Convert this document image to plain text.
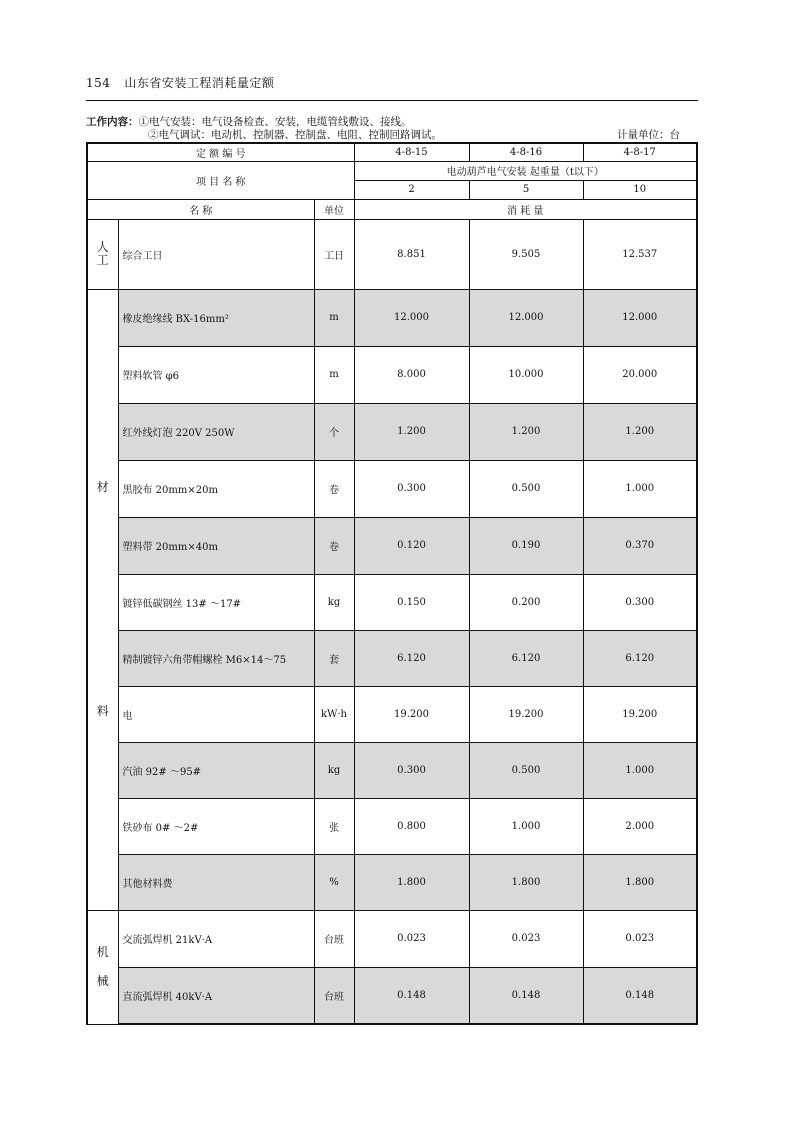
154 山东省安装工程消耗量定额
工作内容：①电气安装：电气设备检查、安装，电缆管线敷设、接线。
②电气调试：电动机、控制器、控制盘、电阻、控制回路调试。	计量单位：台
定 额 编 号			4-8-15	4-8-16	4-8-17
项 目 名 称			电动葫芦电气安装 起重量（t以下）		
			2	5	10
名 称		单位	消 耗 量		

人
工	综合工日	工日	8.851	9.505	12.537

材
料	橡皮绝缘线 BX-16mm²	m	12.000	12.000	12.000
	塑料软管 φ6	m	8.000	10.000	20.000
	红外线灯泡 220V 250W	个	1.200	1.200	1.200
	黑胶布 20mm×20m	卷	0.300	0.500	1.000
	塑料带 20mm×40m	卷	0.120	0.190	0.370
	镀锌低碳钢丝 13# ～17#	kg	0.150	0.200	0.300
	精制镀锌六角带帽螺栓 M6×14～75	套	6.120	6.120	6.120
	电	kW·h	19.200	19.200	19.200
	汽油 92# ～95#	kg	0.300	0.500	1.000
	铁砂布 0# ～2#	张	0.800	1.000	2.000
	其他材料费	%	1.800	1.800	1.800

机
械	交流弧焊机 21kV·A	台班	0.023	0.023	0.023
	直流弧焊机 40kV·A	台班	0.148	0.148	0.148
